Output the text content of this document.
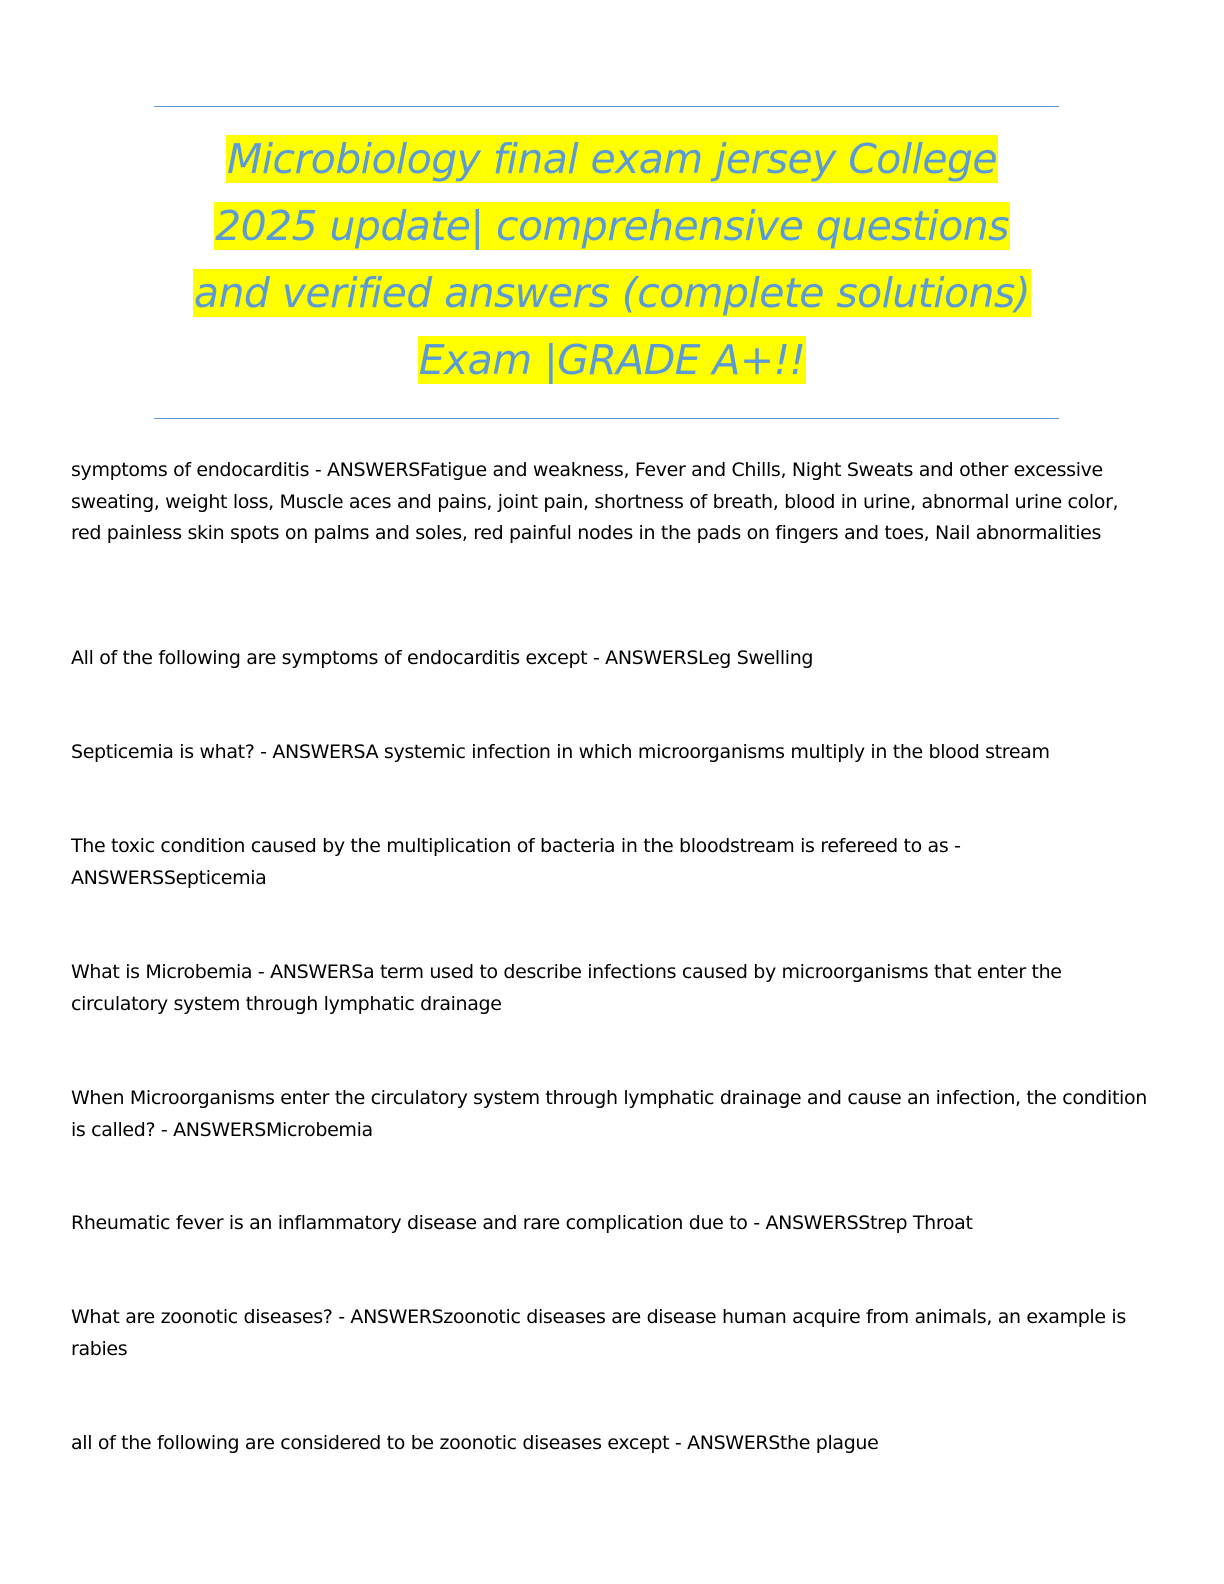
Microbiology final exam jersey College
2025 update| comprehensive questions
and verified answers (complete solutions)
Exam |GRADE A+!!

symptoms of endocarditis - ANSWERSFatigue and weakness, Fever and Chills, Night Sweats and other excessive sweating, weight loss, Muscle aces and pains, joint pain, shortness of breath, blood in urine, abnormal urine color, red painless skin spots on palms and soles, red painful nodes in the pads on fingers and toes, Nail abnormalities

All of the following are symptoms of endocarditis except - ANSWERSLeg Swelling

Septicemia is what? - ANSWERSA systemic infection in which microorganisms multiply in the blood stream

The toxic condition caused by the multiplication of bacteria in the bloodstream is refereed to as - ANSWERSSepticemia

What is Microbemia - ANSWERSa term used to describe infections caused by microorganisms that enter the circulatory system through lymphatic drainage

When Microorganisms enter the circulatory system through lymphatic drainage and cause an infection, the condition is called? - ANSWERSMicrobemia

Rheumatic fever is an inflammatory disease and rare complication due to - ANSWERSStrep Throat

What are zoonotic diseases? - ANSWERSzoonotic diseases are disease human acquire from animals, an example is rabies

all of the following are considered to be zoonotic diseases except - ANSWERSthe plague
